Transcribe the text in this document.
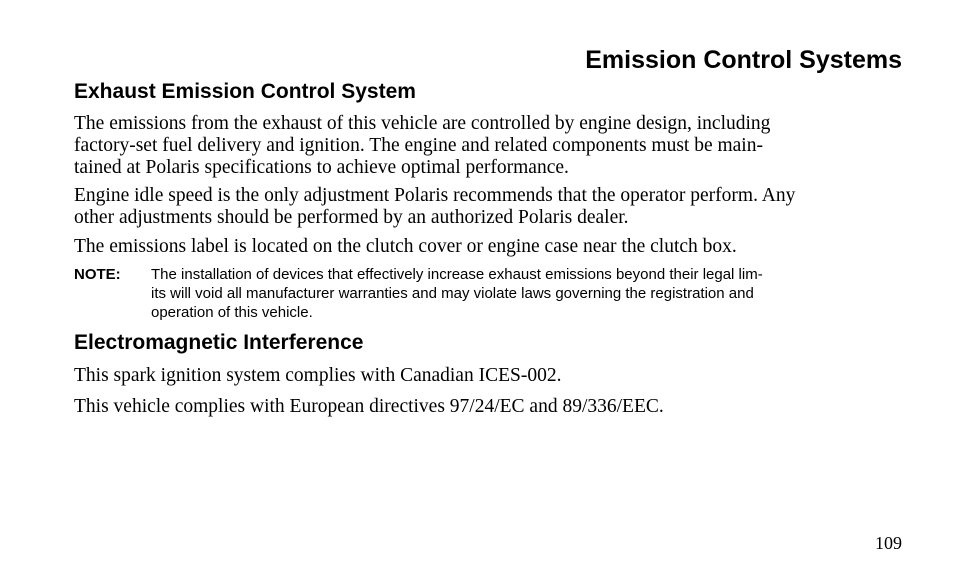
Emission Control Systems
Exhaust Emission Control System

The emissions from the exhaust of this vehicle are controlled by engine design, including
factory-set fuel delivery and ignition. The engine and related components must be main-
tained at Polaris specifications to achieve optimal performance.

Engine idle speed is the only adjustment Polaris recommends that the operator perform. Any
other adjustments should be performed by an authorized Polaris dealer.

The emissions label is located on the clutch cover or engine case near the clutch box.

NOTE: The installation of devices that effectively increase exhaust emissions beyond their legal lim-
its will void all manufacturer warranties and may violate laws governing the registration and
operation of this vehicle.

Electromagnetic Interference

This spark ignition system complies with Canadian ICES-002.

This vehicle complies with European directives 97/24/EC and 89/336/EEC.

109
